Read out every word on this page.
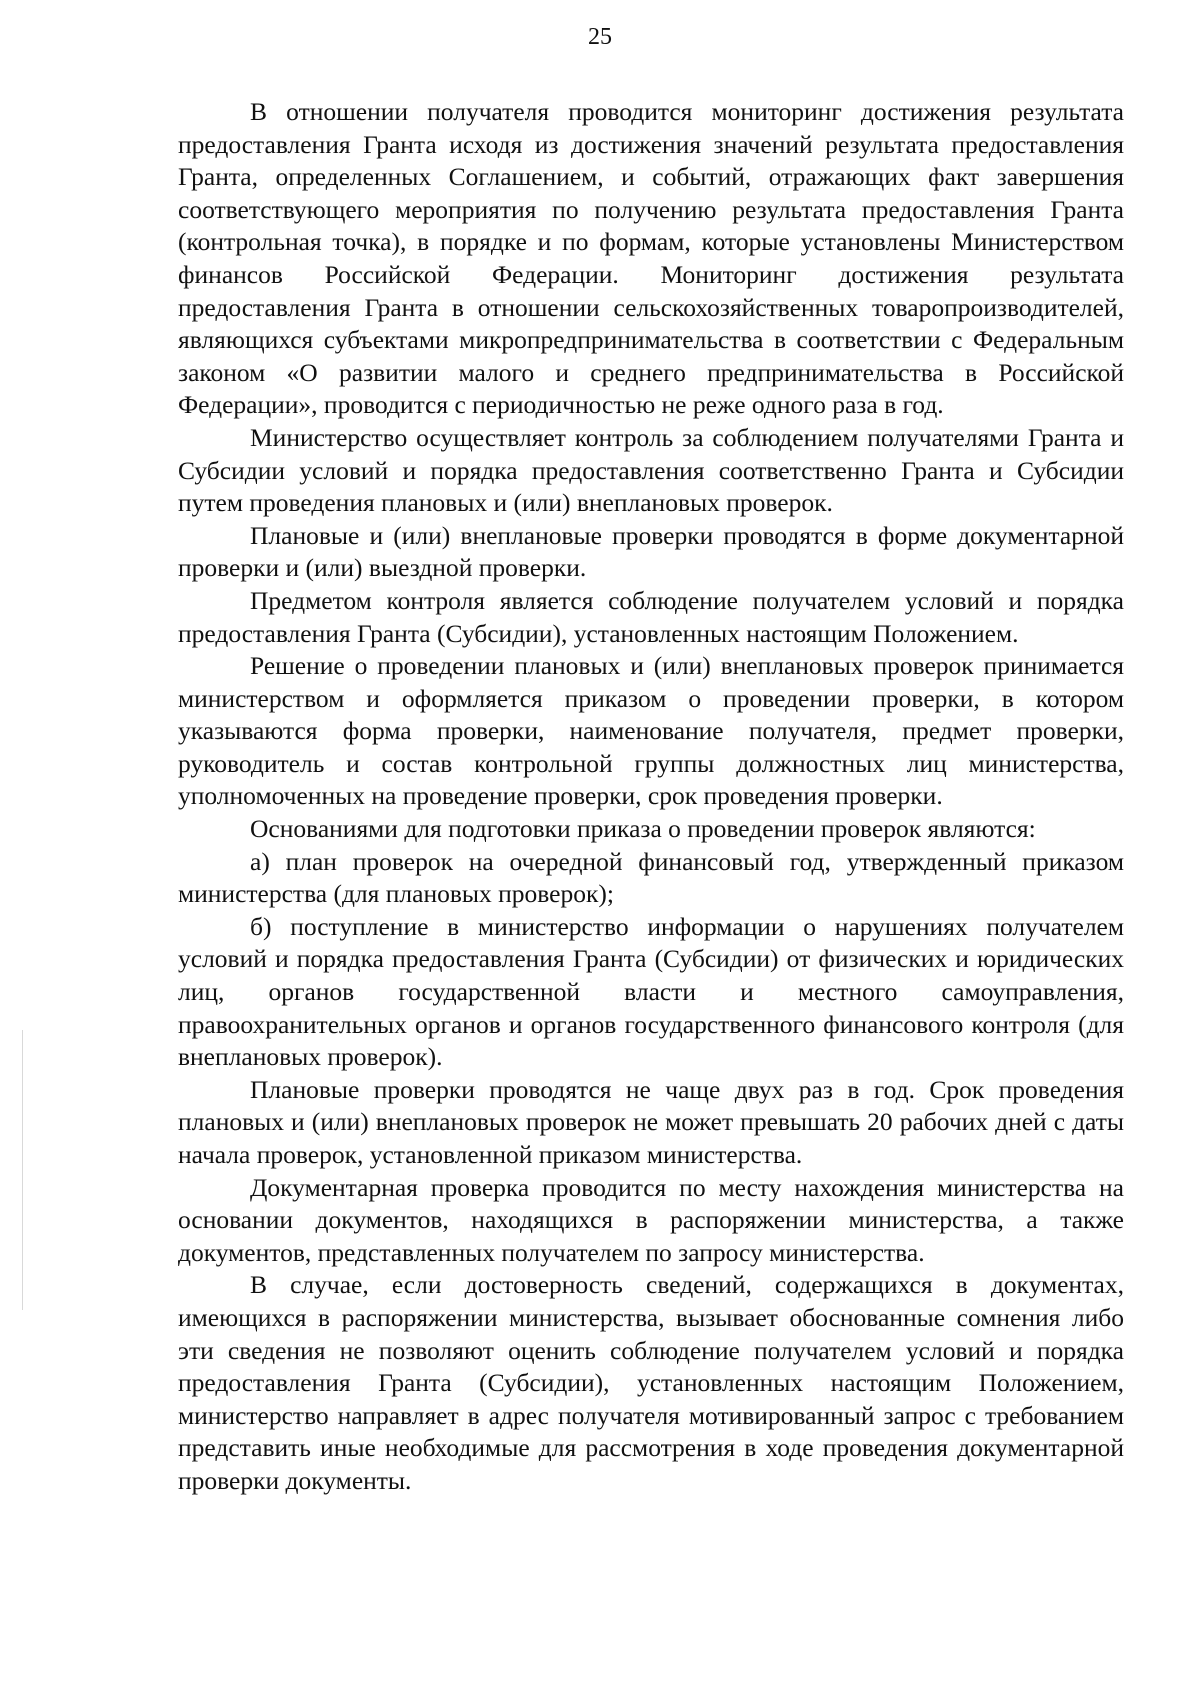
25

В отношении получателя проводится мониторинг достижения результата предоставления Гранта исходя из достижения значений результата предоставления Гранта, определенных Соглашением, и событий, отражающих факт завершения соответствующего мероприятия по получению результата предоставления Гранта (контрольная точка), в порядке и по формам, которые установлены Министерством финансов Российской Федерации. Мониторинг достижения результата предоставления Гранта в отношении сельскохозяйственных товаропроизводителей, являющихся субъектами микропредпринимательства в соответствии с Федеральным законом «О развитии малого и среднего предпринимательства в Российской Федерации», проводится с периодичностью не реже одного раза в год.

Министерство осуществляет контроль за соблюдением получателями Гранта и Субсидии условий и порядка предоставления соответственно Гранта и Субсидии путем проведения плановых и (или) внеплановых проверок.

Плановые и (или) внеплановые проверки проводятся в форме документарной проверки и (или) выездной проверки.

Предметом контроля является соблюдение получателем условий и порядка предоставления Гранта (Субсидии), установленных настоящим Положением.

Решение о проведении плановых и (или) внеплановых проверок принимается министерством и оформляется приказом о проведении проверки, в котором указываются форма проверки, наименование получателя, предмет проверки, руководитель и состав контрольной группы должностных лиц министерства, уполномоченных на проведение проверки, срок проведения проверки.

Основаниями для подготовки приказа о проведении проверок являются:

а) план проверок на очередной финансовый год, утвержденный приказом министерства (для плановых проверок);

б) поступление в министерство информации о нарушениях получателем условий и порядка предоставления Гранта (Субсидии) от физических и юридических лиц, органов государственной власти и местного самоуправления, правоохранительных органов и органов государственного финансового контроля (для внеплановых проверок).

Плановые проверки проводятся не чаще двух раз в год. Срок проведения плановых и (или) внеплановых проверок не может превышать 20 рабочих дней с даты начала проверок, установленной приказом министерства.

Документарная проверка проводится по месту нахождения министерства на основании документов, находящихся в распоряжении министерства, а также документов, представленных получателем по запросу министерства.

В случае, если достоверность сведений, содержащихся в документах, имеющихся в распоряжении министерства, вызывает обоснованные сомнения либо эти сведения не позволяют оценить соблюдение получателем условий и порядка предоставления Гранта (Субсидии), установленных настоящим Положением, министерство направляет в адрес получателя мотивированный запрос с требованием представить иные необходимые для рассмотрения в ходе проведения документарной проверки документы.
